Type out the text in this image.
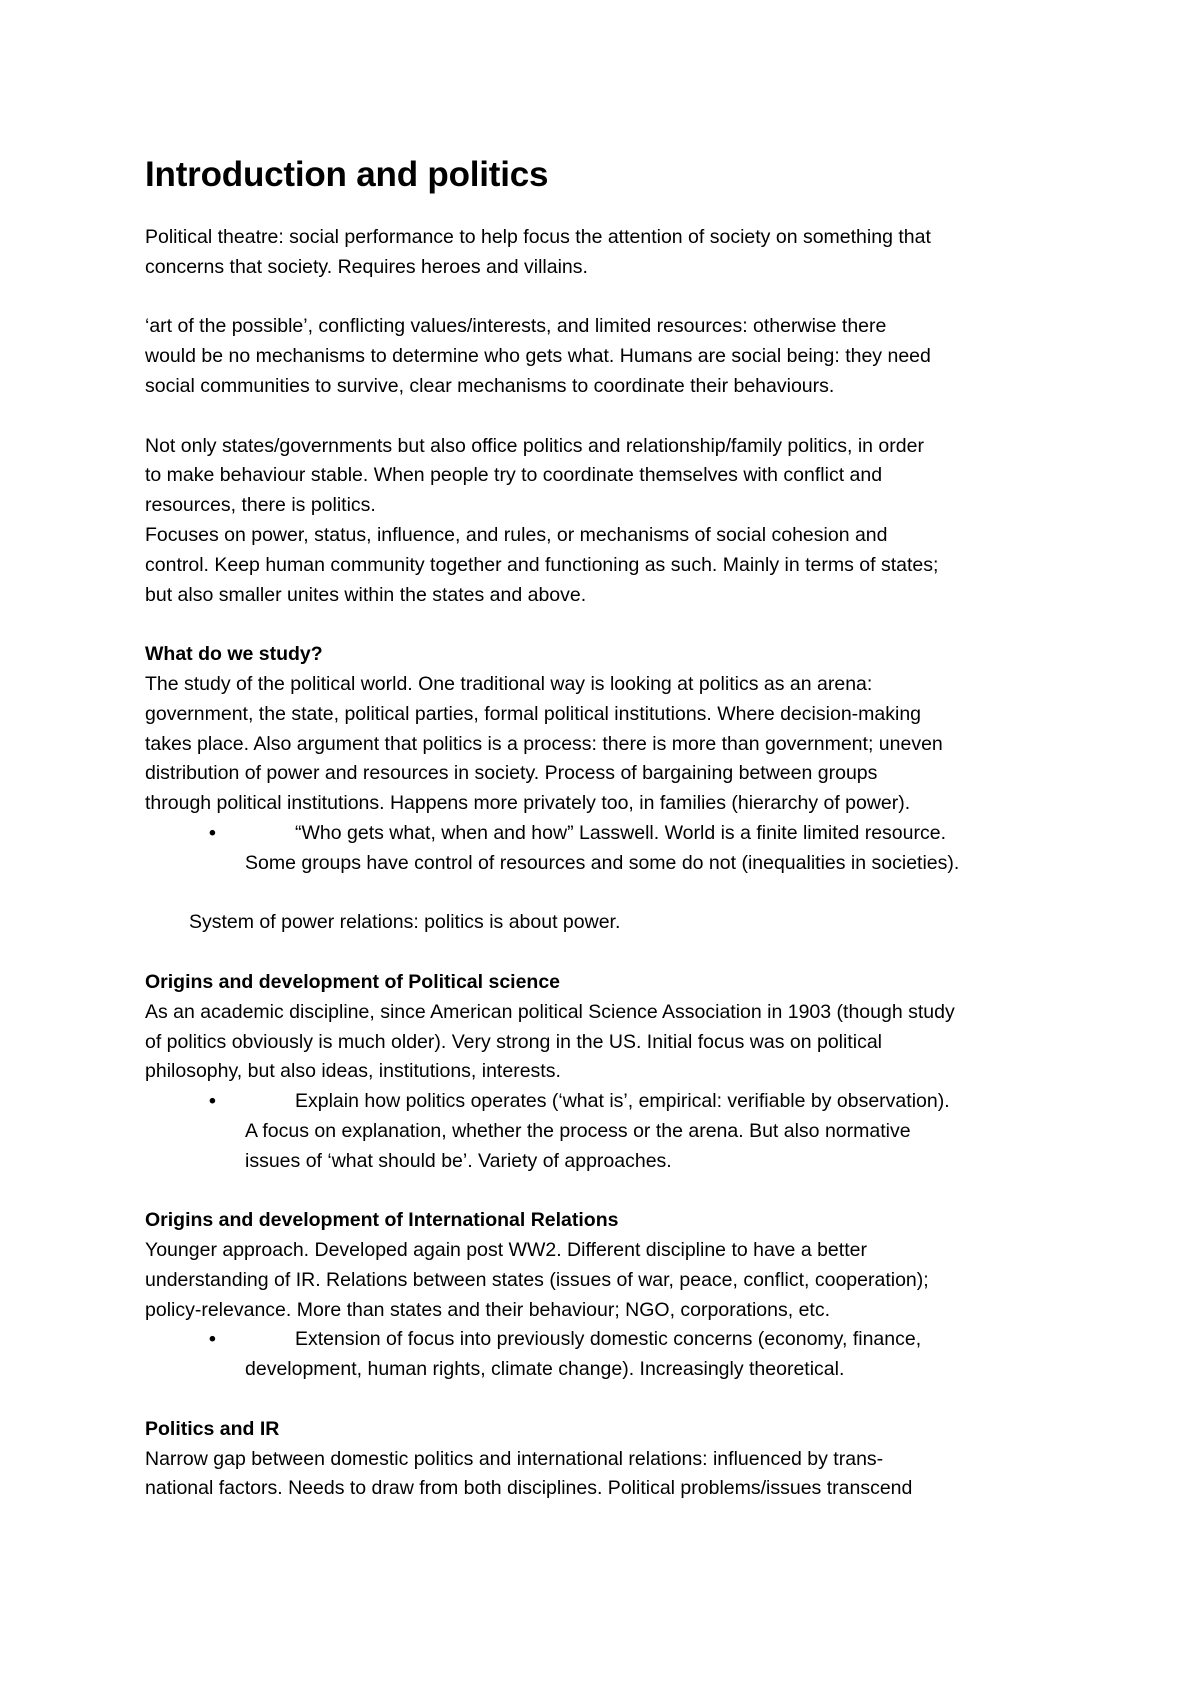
Introduction and politics
Political theatre: social performance to help focus the attention of society on something that
concerns that society. Requires heroes and villains.
‘art of the possible’, conflicting values/interests, and limited resources: otherwise there
would be no mechanisms to determine who gets what. Humans are social being: they need
social communities to survive, clear mechanisms to coordinate their behaviours.
Not only states/governments but also office politics and relationship/family politics, in order
to make behaviour stable. When people try to coordinate themselves with conflict and
resources, there is politics.
Focuses on power, status, influence, and rules, or mechanisms of social cohesion and
control. Keep human community together and functioning as such. Mainly in terms of states;
but also smaller unites within the states and above.
What do we study?
The study of the political world. One traditional way is looking at politics as an arena:
government, the state, political parties, formal political institutions. Where decision-making
takes place. Also argument that politics is a process: there is more than government; uneven
distribution of power and resources in society. Process of bargaining between groups
through political institutions. Happens more privately too, in families (hierarchy of power).
•	“Who gets what, when and how” Lasswell. World is a finite limited resource.
Some groups have control of resources and some do not (inequalities in societies).
System of power relations: politics is about power.
Origins and development of Political science
As an academic discipline, since American political Science Association in 1903 (though study
of politics obviously is much older). Very strong in the US. Initial focus was on political
philosophy, but also ideas, institutions, interests.
•	Explain how politics operates (‘what is’, empirical: verifiable by observation).
A focus on explanation, whether the process or the arena. But also normative
issues of ‘what should be’. Variety of approaches.
Origins and development of International Relations
Younger approach. Developed again post WW2. Different discipline to have a better
understanding of IR. Relations between states (issues of war, peace, conflict, cooperation);
policy-relevance. More than states and their behaviour; NGO, corporations, etc.
•	Extension of focus into previously domestic concerns (economy, finance,
development, human rights, climate change). Increasingly theoretical.
Politics and IR
Narrow gap between domestic politics and international relations: influenced by trans-
national factors. Needs to draw from both disciplines. Political problems/issues transcend
